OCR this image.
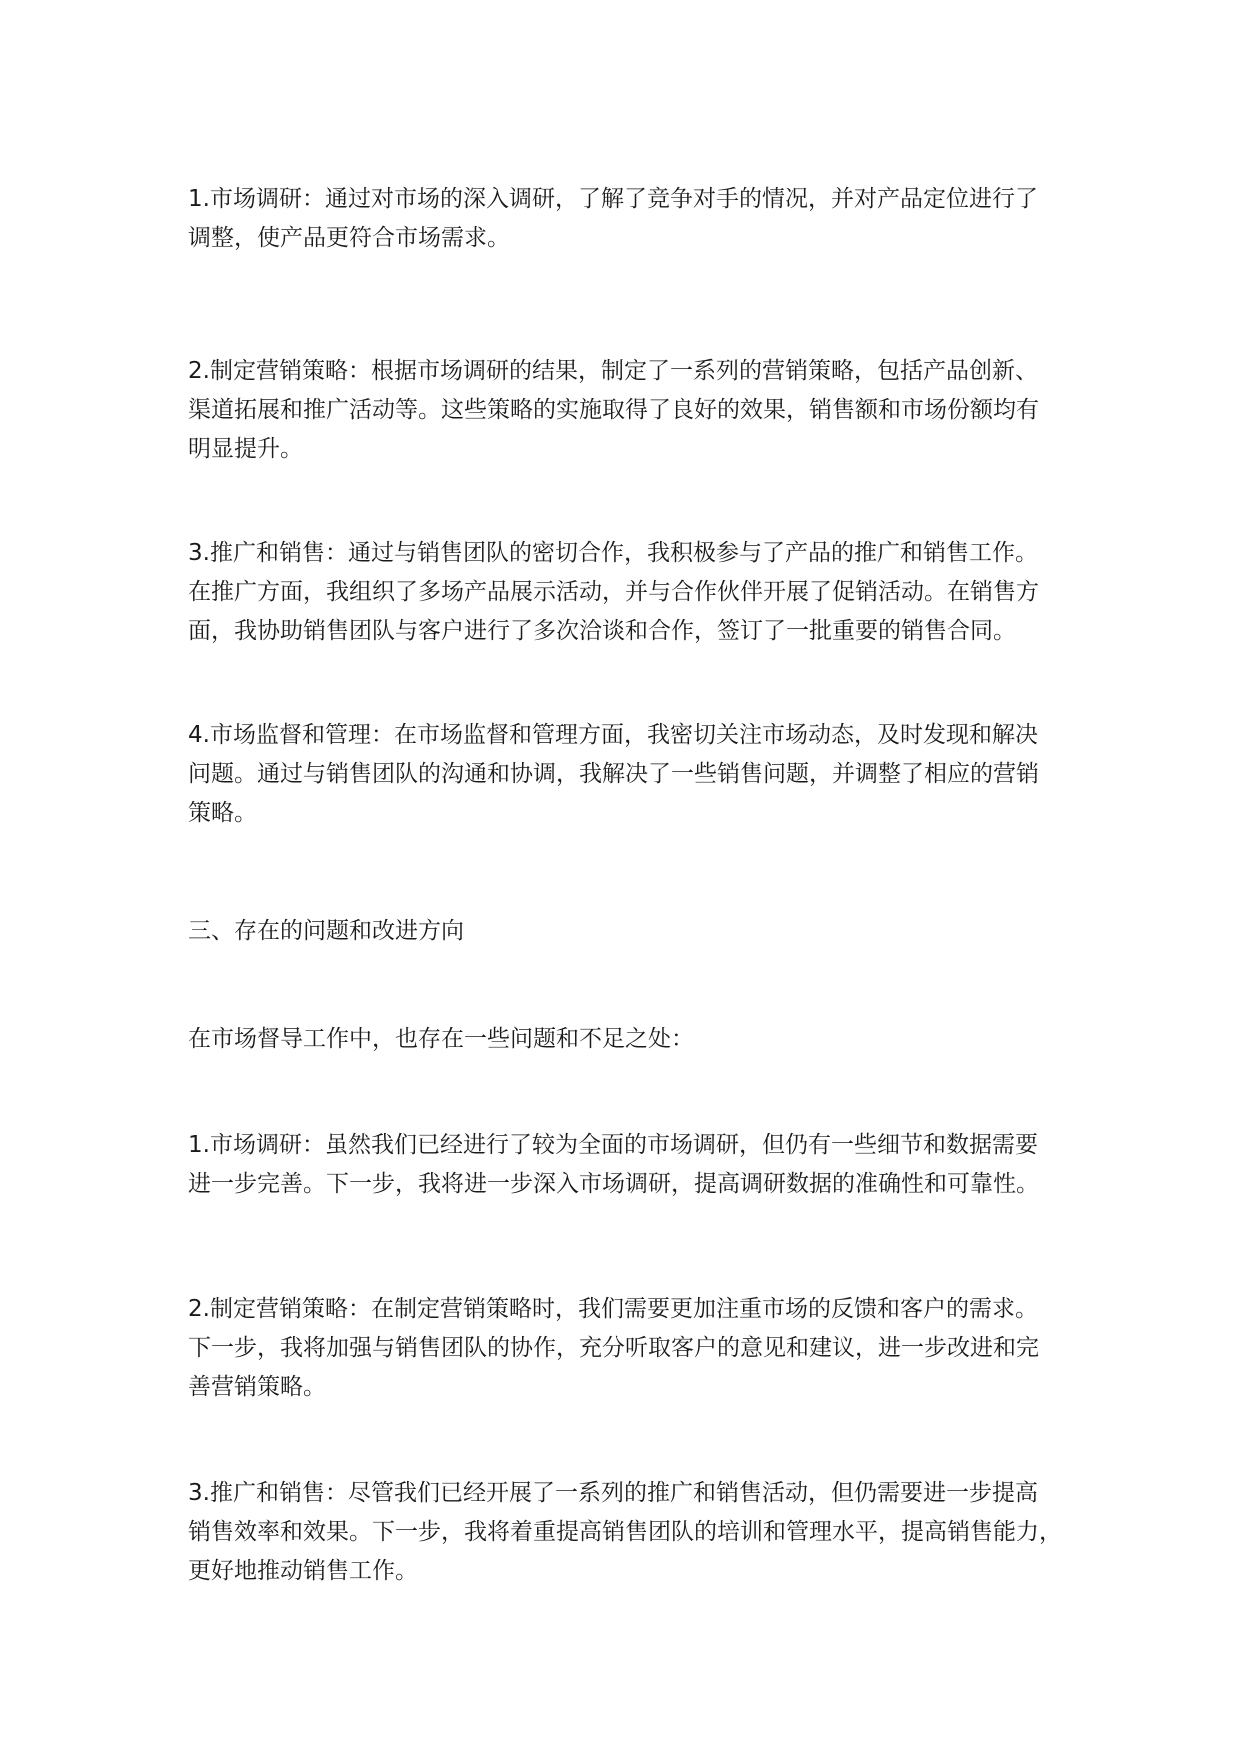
1.市场调研：通过对市场的深入调研，了解了竞争对手的情况，并对产品定位进行了
调整，使产品更符合市场需求。

2.制定营销策略：根据市场调研的结果，制定了一系列的营销策略，包括产品创新、
渠道拓展和推广活动等。这些策略的实施取得了良好的效果，销售额和市场份额均有
明显提升。

3.推广和销售：通过与销售团队的密切合作，我积极参与了产品的推广和销售工作。
在推广方面，我组织了多场产品展示活动，并与合作伙伴开展了促销活动。在销售方
面，我协助销售团队与客户进行了多次洽谈和合作，签订了一批重要的销售合同。

4.市场监督和管理：在市场监督和管理方面，我密切关注市场动态，及时发现和解决
问题。通过与销售团队的沟通和协调，我解决了一些销售问题，并调整了相应的营销
策略。

三、存在的问题和改进方向

在市场督导工作中，也存在一些问题和不足之处：

1.市场调研：虽然我们已经进行了较为全面的市场调研，但仍有一些细节和数据需要
进一步完善。下一步，我将进一步深入市场调研，提高调研数据的准确性和可靠性。

2.制定营销策略：在制定营销策略时，我们需要更加注重市场的反馈和客户的需求。
下一步，我将加强与销售团队的协作，充分听取客户的意见和建议，进一步改进和完
善营销策略。

3.推广和销售：尽管我们已经开展了一系列的推广和销售活动，但仍需要进一步提高
销售效率和效果。下一步，我将着重提高销售团队的培训和管理水平，提高销售能力，
更好地推动销售工作。
